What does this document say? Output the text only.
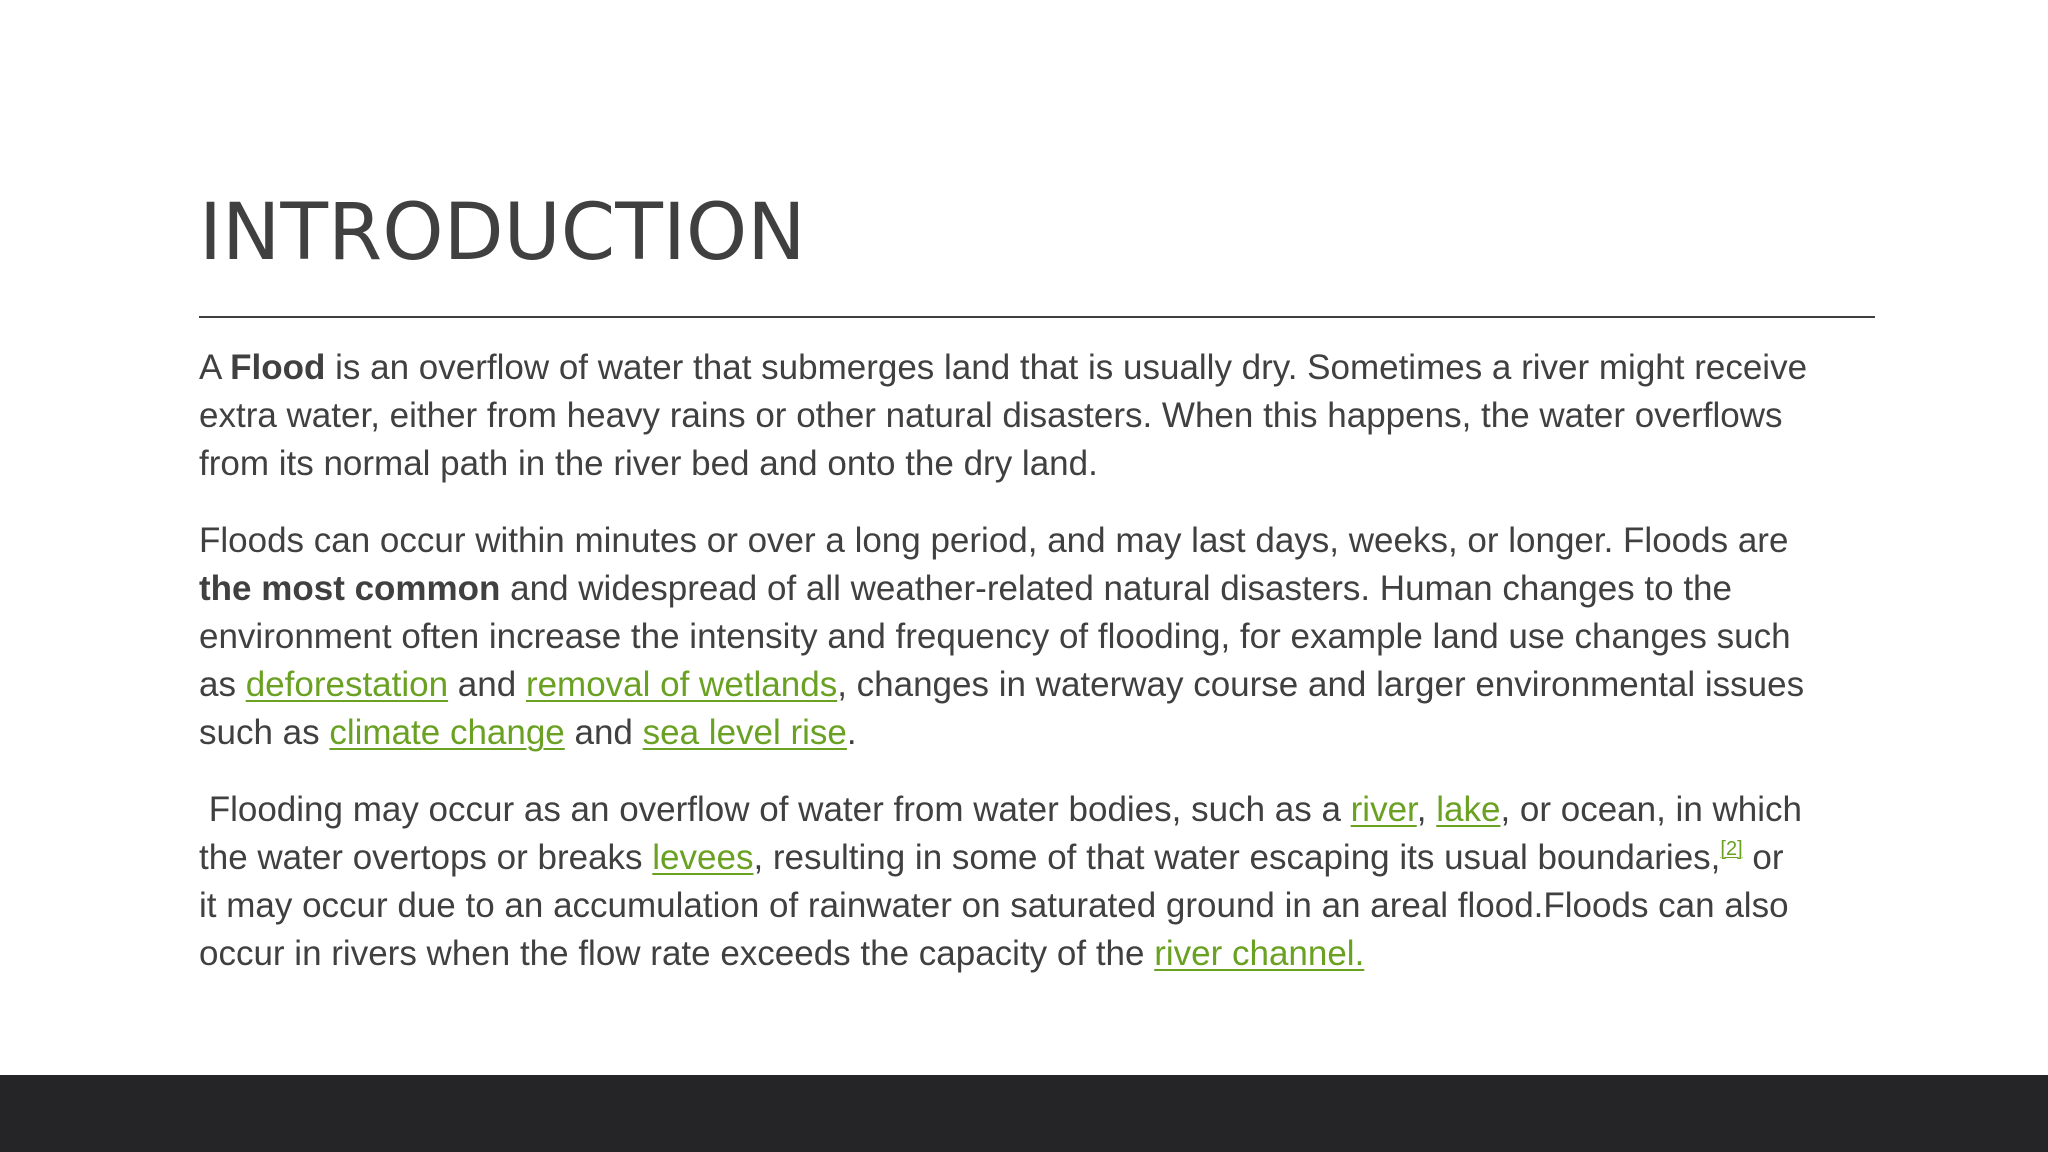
INTRODUCTION

A Flood is an overflow of water that submerges land that is usually dry. Sometimes a river might receive
extra water, either from heavy rains or other natural disasters. When this happens, the water overflows
from its normal path in the river bed and onto the dry land.

Floods can occur within minutes or over a long period, and may last days, weeks, or longer. Floods are
the most common and widespread of all weather-related natural disasters. Human changes to the
environment often increase the intensity and frequency of flooding, for example land use changes such
as deforestation and removal of wetlands, changes in waterway course and larger environmental issues
such as climate change and sea level rise.

Flooding may occur as an overflow of water from water bodies, such as a river, lake, or ocean, in which
the water overtops or breaks levees, resulting in some of that water escaping its usual boundaries,[2] or
it may occur due to an accumulation of rainwater on saturated ground in an areal flood.Floods can also
occur in rivers when the flow rate exceeds the capacity of the river channel.
